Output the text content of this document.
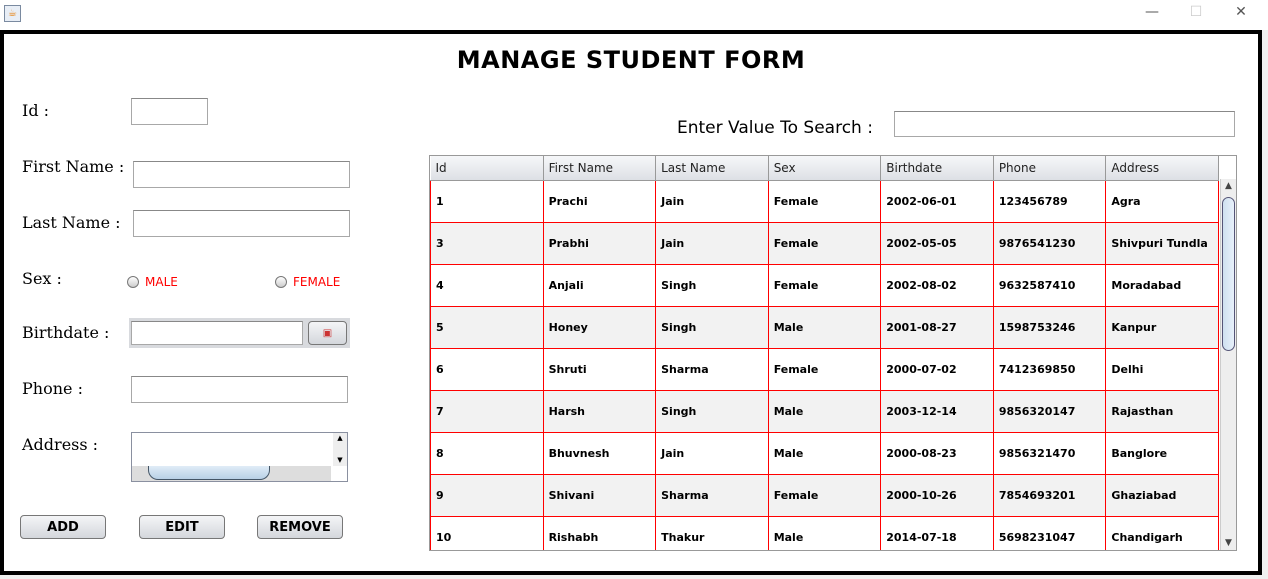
☕	—	☐	✕
MANAGE STUDENT FORM
Id :
First Name :
Last Name :
Sex :	MALE	FEMALE
Birthdate :	▣
Phone :
Address :	▲

▼
ADD	EDIT	REMOVE
Enter Value To Search :
Id	First Name	Last Name	Sex	Birthdate	Phone	Address
1	Prachi	Jain	Female	2002-06-01	123456789	Agra
3	Prabhi	Jain	Female	2002-05-05	9876541230	Shivpuri Tundla
4	Anjali	Singh	Female	2002-08-02	9632587410	Moradabad
5	Honey	Singh	Male	2001-08-27	1598753246	Kanpur
6	Shruti	Sharma	Female	2000-07-02	7412369850	Delhi
7	Harsh	Singh	Male	2003-12-14	9856320147	Rajasthan
8	Bhuvnesh	Jain	Male	2000-08-23	9856321470	Banglore
9	Shivani	Sharma	Female	2000-10-26	7854693201	Ghaziabad
10	Rishabh	Thakur	Male	2014-07-18	5698231047	Chandigarh

▲
▼
